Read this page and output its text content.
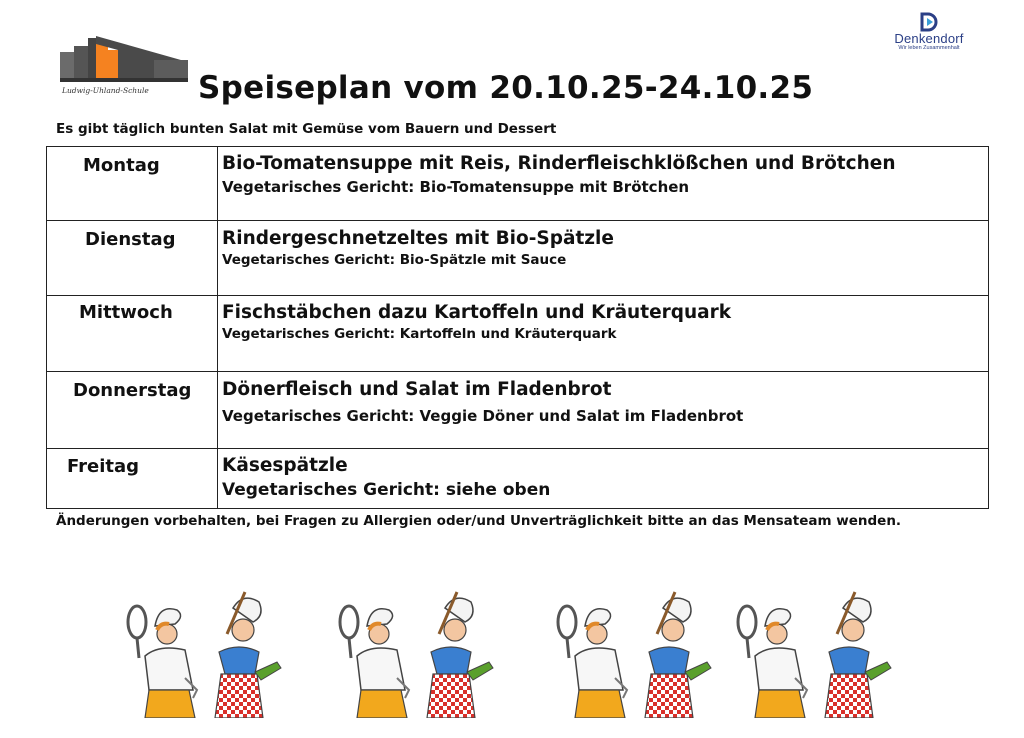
Ludwig-Uhland-Schule
Denkendorf
Wir leben Zusammenhalt
Speiseplan vom 20.10.25-24.10.25

Es gibt täglich bunten Salat mit Gemüse vom Bauern und Dessert

Montag	Bio-Tomatensuppe mit Reis, Rinderfleischklößchen und Brötchen
Vegetarisches Gericht: Bio-Tomatensuppe mit Brötchen

Dienstag	Rindergeschnetzeltes mit Bio-Spätzle
Vegetarisches Gericht: Bio-Spätzle mit Sauce

Mittwoch	Fischstäbchen dazu Kartoffeln und Kräuterquark
Vegetarisches Gericht: Kartoffeln und Kräuterquark

Donnerstag	Dönerfleisch und Salat im Fladenbrot
Vegetarisches Gericht: Veggie Döner und Salat im Fladenbrot

Freitag	Käsespätzle
Vegetarisches Gericht: siehe oben

Änderungen vorbehalten, bei Fragen zu Allergien oder/und Unverträglichkeit bitte an das Mensateam wenden.
